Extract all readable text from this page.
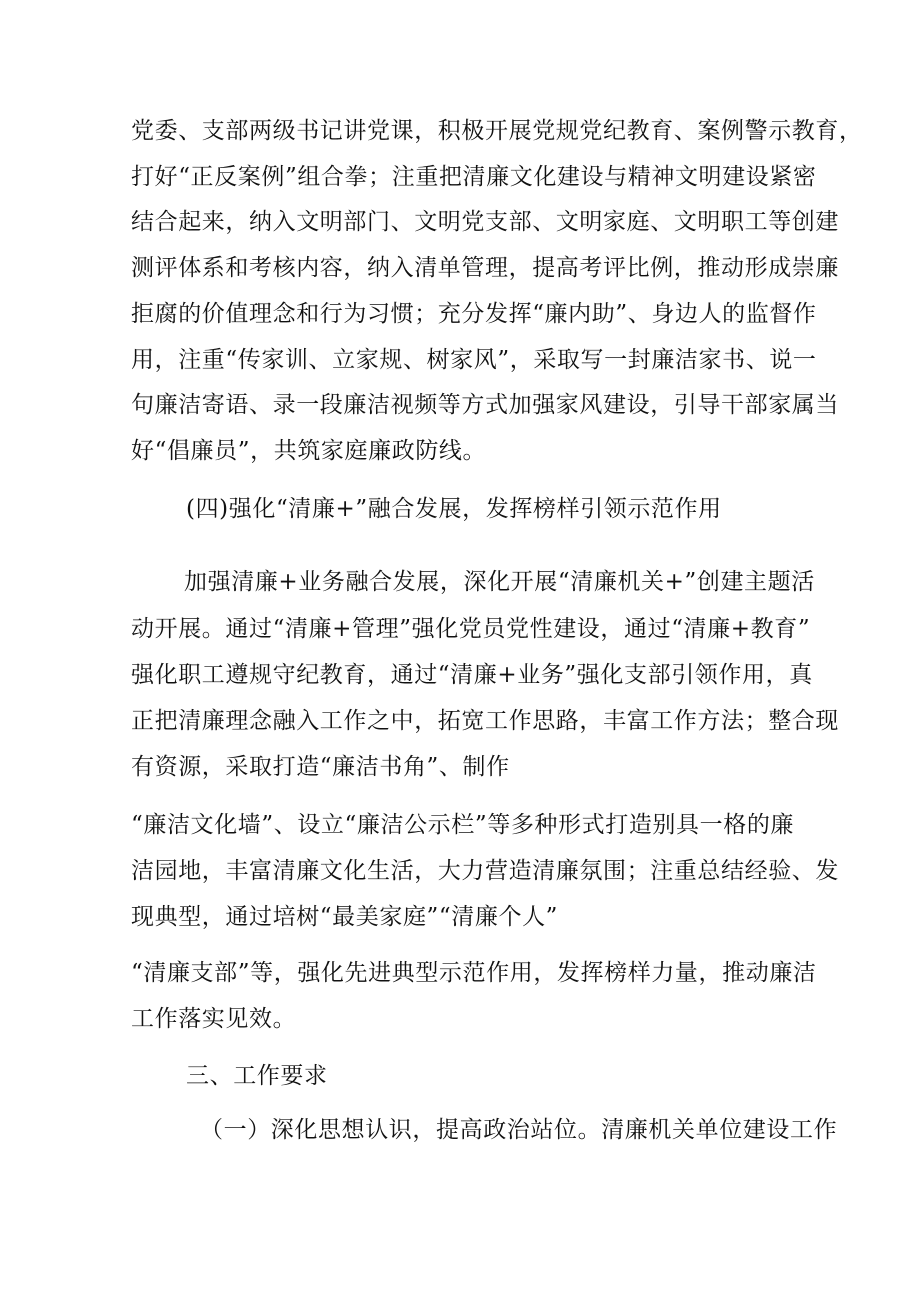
党委、支部两级书记讲党课，积极开展党规党纪教育、案例警示教育，
打好“正反案例”组合拳；注重把清廉文化建设与精神文明建设紧密
结合起来，纳入文明部门、文明党支部、文明家庭、文明职工等创建
测评体系和考核内容，纳入清单管理，提高考评比例，推动形成崇廉
拒腐的价值理念和行为习惯；充分发挥“廉内助”、身边人的监督作
用，注重“传家训、立家规、树家风”，采取写一封廉洁家书、说一
句廉洁寄语、录一段廉洁视频等方式加强家风建设，引导干部家属当
好“倡廉员”，共筑家庭廉政防线。
(四)强化“清廉+”融合发展，发挥榜样引领示范作用
加强清廉+业务融合发展，深化开展“清廉机关+”创建主题活
动开展。通过“清廉+管理”强化党员党性建设，通过“清廉+教育”
强化职工遵规守纪教育，通过“清廉+业务”强化支部引领作用，真
正把清廉理念融入工作之中，拓宽工作思路，丰富工作方法；整合现
有资源，采取打造“廉洁书角”、制作
“廉洁文化墙”、设立“廉洁公示栏”等多种形式打造别具一格的廉
洁园地，丰富清廉文化生活，大力营造清廉氛围；注重总结经验、发
现典型，通过培树“最美家庭”“清廉个人”
“清廉支部”等，强化先进典型示范作用，发挥榜样力量，推动廉洁
工作落实见效。
三、工作要求
（一）深化思想认识，提高政治站位。清廉机关单位建设工作
